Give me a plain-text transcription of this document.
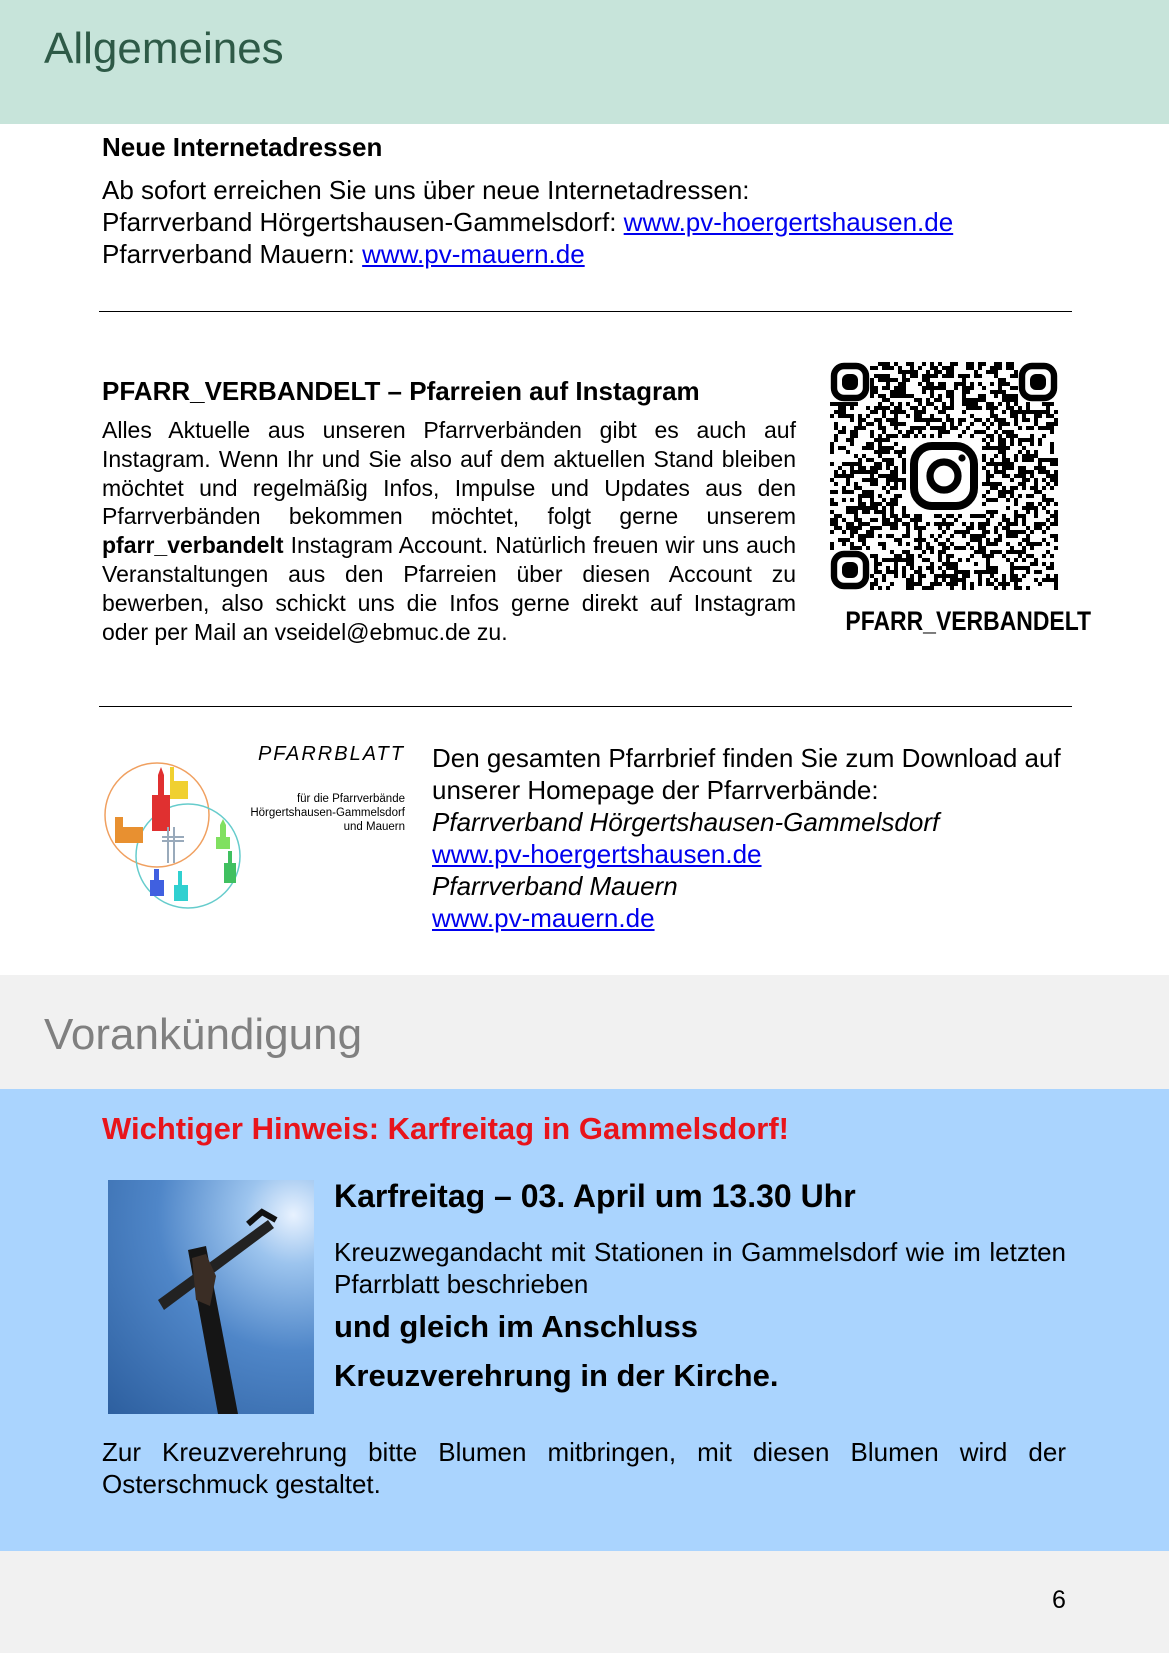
Allgemeines
Neue Internetadressen
Ab sofort erreichen Sie uns über neue Internetadressen:
Pfarrverband Hörgertshausen-Gammelsdorf: www.pv-hoergertshausen.de
Pfarrverband Mauern: www.pv-mauern.de
PFARR_VERBANDELT – Pfarreien auf Instagram
Alles Aktuelle aus unseren Pfarrverbänden gibt es auch auf Instagram. Wenn Ihr und Sie also auf dem aktuellen Stand bleiben möchtet und regelmäßig Infos, Impulse und Updates aus den Pfarrverbänden bekommen möchtet, folgt gerne unserem pfarr_verbandelt Instagram Account. Natürlich freuen wir uns auch Veranstaltungen aus den Pfarreien über diesen Account zu bewerben, also schickt uns die Infos gerne direkt auf Instagram oder per Mail an vseidel@ebmuc.de zu.	PFARR_VERBANDELT
PFARRBLATT
für die Pfarrverbände
Hörgertshausen-Gammelsdorf
und Mauern
Den gesamten Pfarrbrief finden Sie zum Download auf unserer Homepage der Pfarrverbände:
Pfarrverband Hörgertshausen-Gammelsdorf
www.pv-hoergertshausen.de
Pfarrverband Mauern
www.pv-mauern.de
Vorankündigung
Wichtiger Hinweis: Karfreitag in Gammelsdorf!
Karfreitag – 03. April um 13.30 Uhr
Kreuzwegandacht mit Stationen in Gammelsdorf wie im letzten Pfarrblatt beschrieben
und gleich im Anschluss
Kreuzverehrung in der Kirche.
Zur Kreuzverehrung bitte Blumen mitbringen, mit diesen Blumen wird der Osterschmuck gestaltet.
6
